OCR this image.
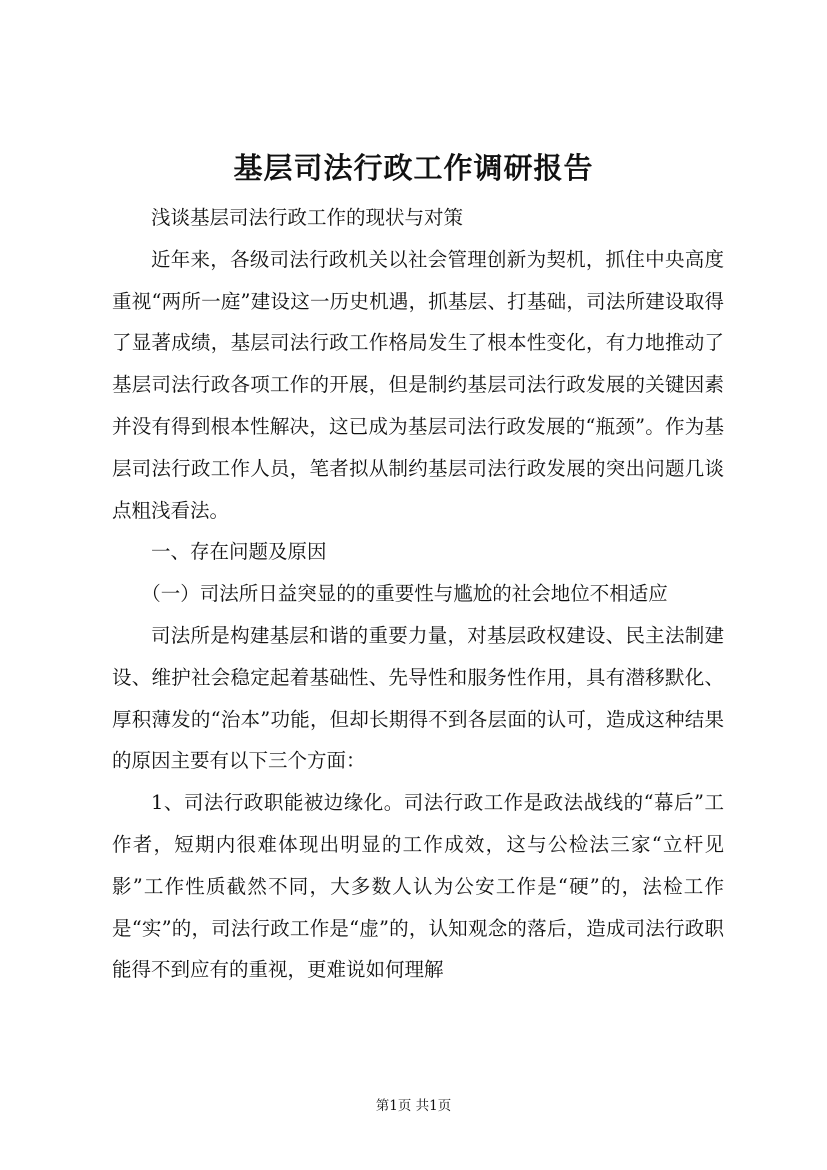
基层司法行政工作调研报告

浅谈基层司法行政工作的现状与对策

近年来，各级司法行政机关以社会管理创新为契机，抓住中央高度重视“两所一庭”建设这一历史机遇，抓基层、打基础，司法所建设取得了显著成绩，基层司法行政工作格局发生了根本性变化，有力地推动了基层司法行政各项工作的开展，但是制约基层司法行政发展的关键因素并没有得到根本性解决，这已成为基层司法行政发展的“瓶颈”。作为基层司法行政工作人员，笔者拟从制约基层司法行政发展的突出问题几谈点粗浅看法。

一、存在问题及原因

（一）司法所日益突显的的重要性与尴尬的社会地位不相适应

司法所是构建基层和谐的重要力量，对基层政权建设、民主法制建设、维护社会稳定起着基础性、先导性和服务性作用，具有潜移默化、厚积薄发的“治本”功能，但却长期得不到各层面的认可，造成这种结果的原因主要有以下三个方面：

1、司法行政职能被边缘化。司法行政工作是政法战线的“幕后”工作者，短期内很难体现出明显的工作成效，这与公检法三家“立杆见影”工作性质截然不同，大多数人认为公安工作是“硬”的，法检工作是“实”的，司法行政工作是“虚”的，认知观念的落后，造成司法行政职能得不到应有的重视，更难说如何理解

第1页 共1页
